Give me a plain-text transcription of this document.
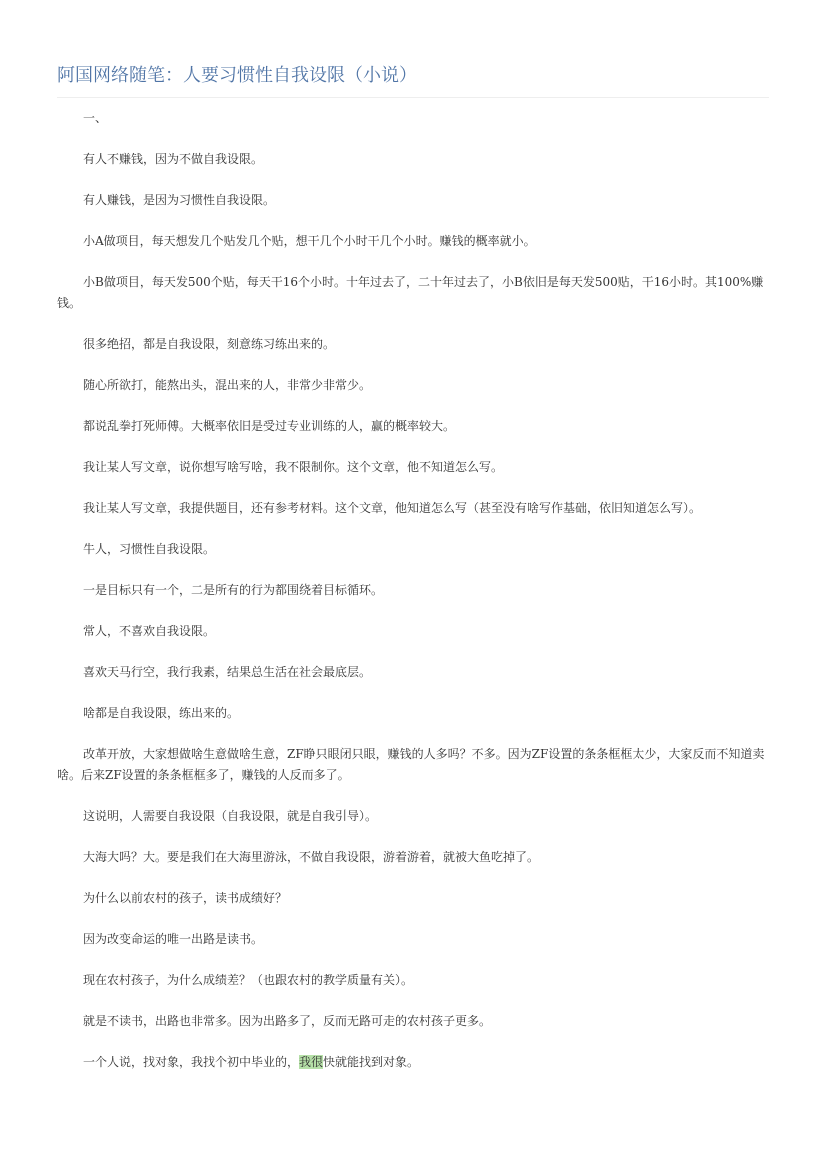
阿国网络随笔：人要习惯性自我设限（小说）

一、

有人不赚钱，因为不做自我设限。

有人赚钱，是因为习惯性自我设限。

小A做项目，每天想发几个贴发几个贴，想干几个小时干几个小时。赚钱的概率就小。

小B做项目，每天发500个贴，每天干16个小时。十年过去了，二十年过去了，小B依旧是每天发500贴，干16小时。其100%赚钱。

很多绝招，都是自我设限，刻意练习练出来的。

随心所欲打，能熬出头，混出来的人，非常少非常少。

都说乱拳打死师傅。大概率依旧是受过专业训练的人，赢的概率较大。

我让某人写文章，说你想写啥写啥，我不限制你。这个文章，他不知道怎么写。

我让某人写文章，我提供题目，还有参考材料。这个文章，他知道怎么写（甚至没有啥写作基础，依旧知道怎么写）。

牛人，习惯性自我设限。

一是目标只有一个，二是所有的行为都围绕着目标循环。

常人，不喜欢自我设限。

喜欢天马行空，我行我素，结果总生活在社会最底层。

啥都是自我设限，练出来的。

改革开放，大家想做啥生意做啥生意，ZF睁只眼闭只眼，赚钱的人多吗？不多。因为ZF设置的条条框框太少，大家反而不知道卖啥。后来ZF设置的条条框框多了，赚钱的人反而多了。

这说明，人需要自我设限（自我设限，就是自我引导）。

大海大吗？大。要是我们在大海里游泳，不做自我设限，游着游着，就被大鱼吃掉了。

为什么以前农村的孩子，读书成绩好？

因为改变命运的唯一出路是读书。

现在农村孩子，为什么成绩差？（也跟农村的教学质量有关）。

就是不读书，出路也非常多。因为出路多了，反而无路可走的农村孩子更多。

一个人说，找对象，我找个初中毕业的，我很快就能找到对象。
